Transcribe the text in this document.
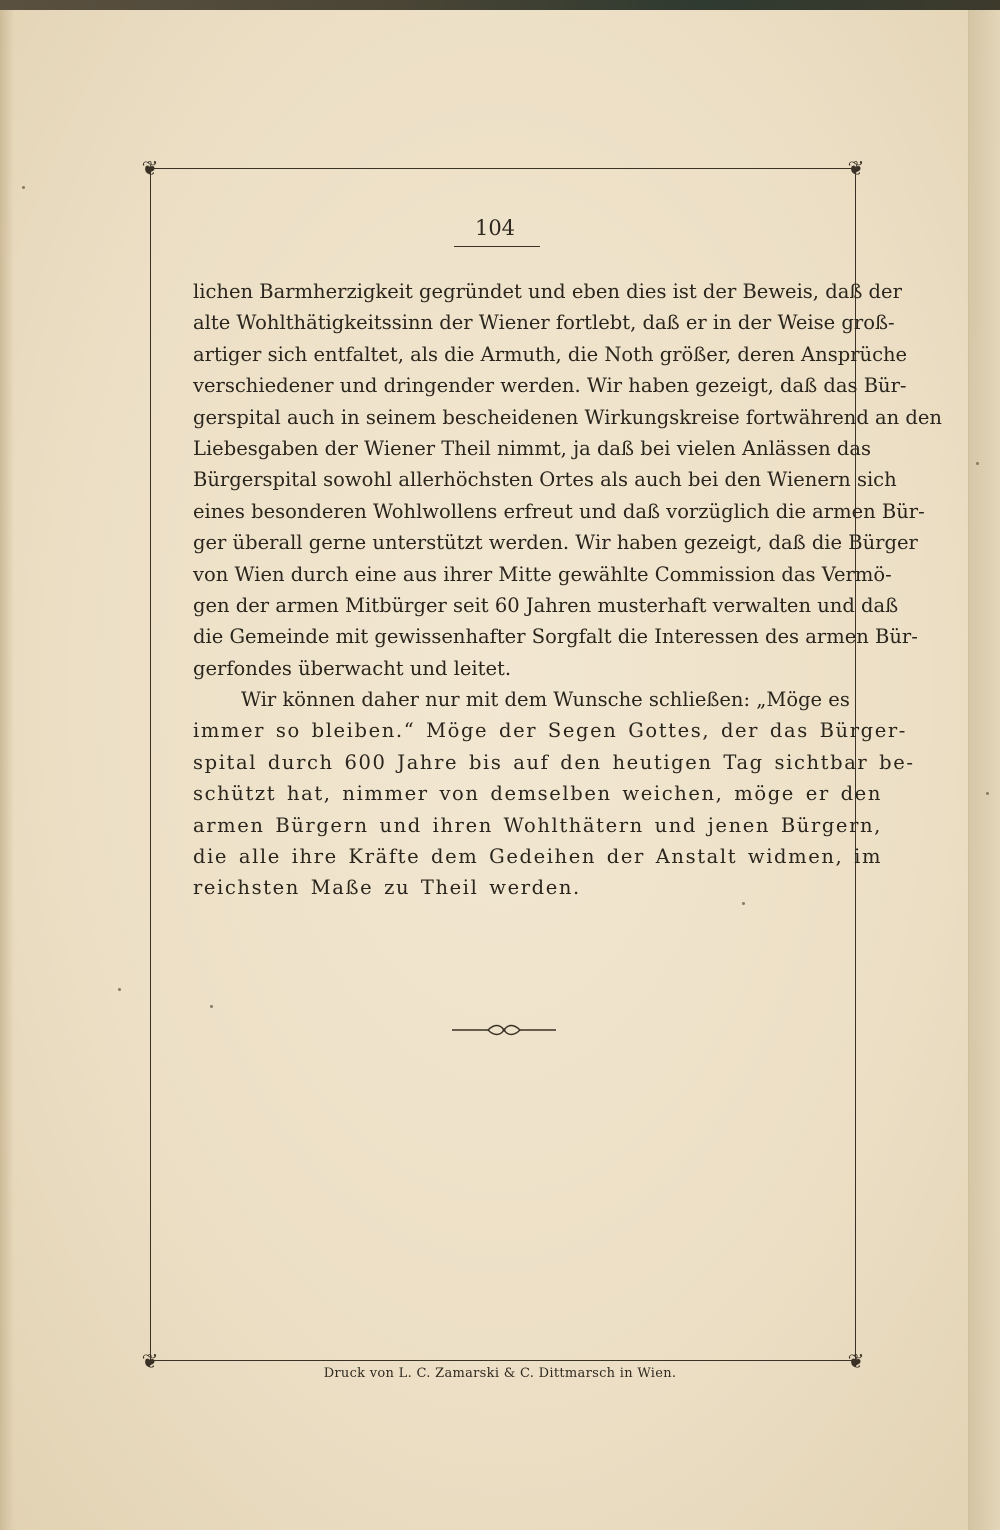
❦	❦
❦	❦
104
lichen Barmherzigkeit gegründet und eben dies ist der Beweis, daß der
alte Wohlthätigkeitssinn der Wiener fortlebt, daß er in der Weise groß-
artiger sich entfaltet, als die Armuth, die Noth größer, deren Ansprüche
verschiedener und dringender werden. Wir haben gezeigt, daß das Bür-
gerspital auch in seinem bescheidenen Wirkungskreise fortwährend an den
Liebesgaben der Wiener Theil nimmt, ja daß bei vielen Anlässen das
Bürgerspital sowohl allerhöchsten Ortes als auch bei den Wienern sich
eines besonderen Wohlwollens erfreut und daß vorzüglich die armen Bür-
ger überall gerne unterstützt werden. Wir haben gezeigt, daß die Bürger
von Wien durch eine aus ihrer Mitte gewählte Commission das Vermö-
gen der armen Mitbürger seit 60 Jahren musterhaft verwalten und daß
die Gemeinde mit gewissenhafter Sorgfalt die Interessen des armen Bür-
gerfondes überwacht und leitet.
Wir können daher nur mit dem Wunsche schließen: „Möge es
immer so bleiben.“ Möge der Segen Gottes, der das Bürger-
spital durch 600 Jahre bis auf den heutigen Tag sichtbar be-
schützt hat, nimmer von demselben weichen, möge er den
armen Bürgern und ihren Wohlthätern und jenen Bürgern,
die alle ihre Kräfte dem Gedeihen der Anstalt widmen, im
reichsten Maße zu Theil werden.
Druck von L. C. Zamarski & C. Dittmarsch in Wien.
